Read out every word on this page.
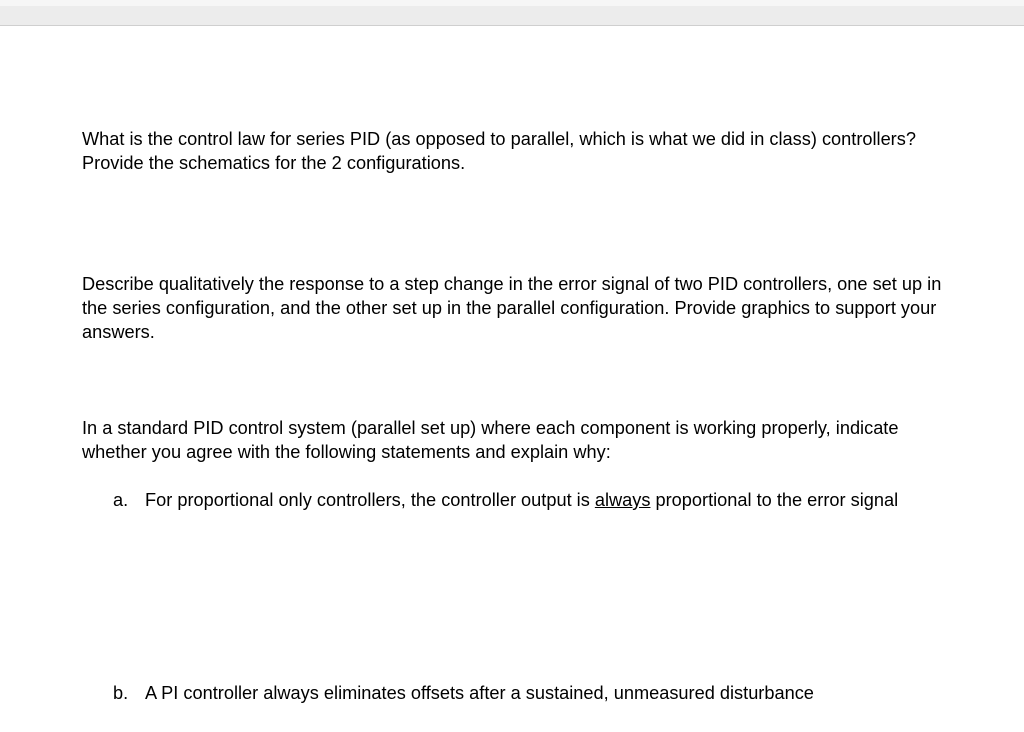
What is the control law for series PID (as opposed to parallel, which is what we did in class) controllers? Provide the schematics for the 2 configurations.

Describe qualitatively the response to a step change in the error signal of two PID controllers, one set up in the series configuration, and the other set up in the parallel configuration. Provide graphics to support your answers.

In a standard PID control system (parallel set up) where each component is working properly, indicate whether you agree with the following statements and explain why:

a. For proportional only controllers, the controller output is always proportional to the error signal
b. A PI controller always eliminates offsets after a sustained, unmeasured disturbance
